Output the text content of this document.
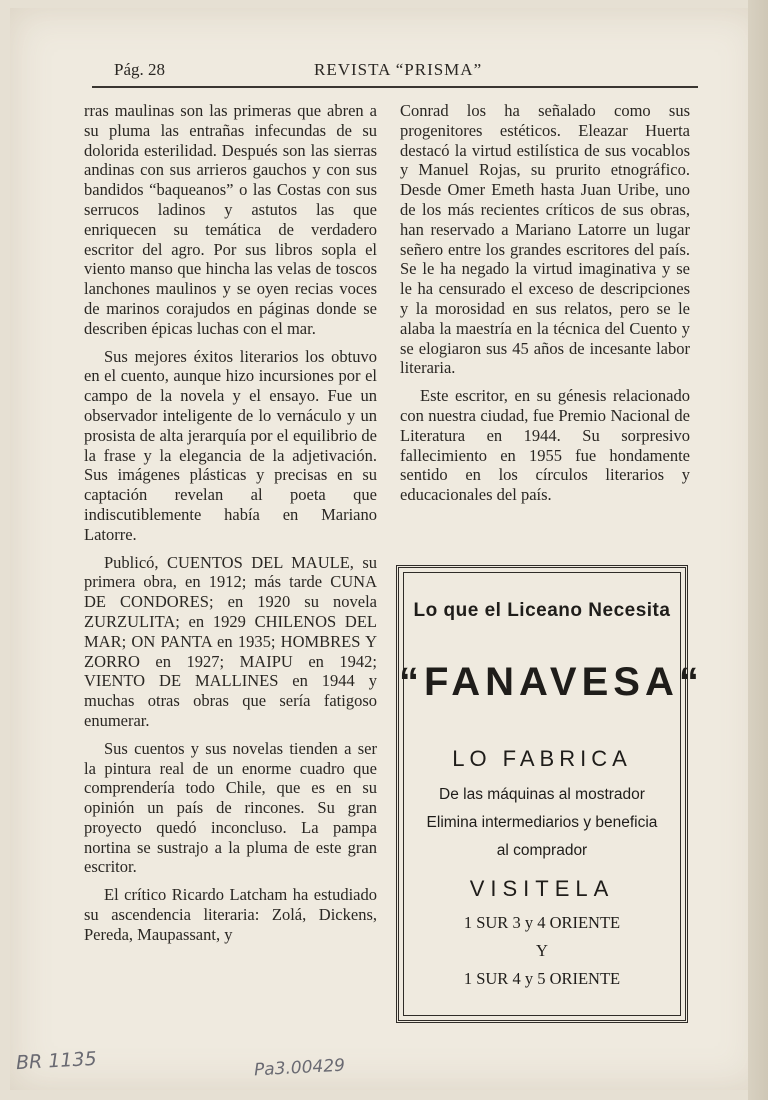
Pág. 28	REVISTA “PRISMA”

rras maulinas son las primeras que abren a su pluma las entrañas infecundas de su dolorida esterilidad. Después son las sierras andinas con sus arrieros gauchos y con sus bandidos “baqueanos” o las Costas con sus serrucos ladinos y astutos las que enriquecen su temática de verdadero escritor del agro. Por sus libros sopla el viento manso que hincha las velas de toscos lanchones maulinos y se oyen recias voces de marinos corajudos en páginas donde se describen épicas luchas con el mar.

Sus mejores éxitos literarios los obtuvo en el cuento, aunque hizo incursiones por el campo de la novela y el ensayo. Fue un observador inteligente de lo vernáculo y un prosista de alta jerarquía por el equilibrio de la frase y la elegancia de la adjetivación. Sus imágenes plásticas y precisas en su captación revelan al poeta que indiscutiblemente había en Mariano Latorre.

Publicó, CUENTOS DEL MAULE, su primera obra, en 1912; más tarde CUNA DE CONDORES; en 1920 su novela ZURZULITA; en 1929 CHILENOS DEL MAR; ON PANTA en 1935; HOMBRES Y ZORRO en 1927; MAIPU en 1942; VIENTO DE MALLINES en 1944 y muchas otras obras que sería fatigoso enumerar.

Sus cuentos y sus novelas tienden a ser la pintura real de un enorme cuadro que comprendería todo Chile, que es en su opinión un país de rincones. Su gran proyecto quedó inconcluso. La pampa nortina se sustrajo a la pluma de este gran escritor.

El crítico Ricardo Latcham ha estudiado su ascendencia literaria: Zolá, Dickens, Pereda, Maupassant, y

Conrad los ha señalado como sus progenitores estéticos. Eleazar Huerta destacó la virtud estilística de sus vocablos y Manuel Rojas, su prurito etnográfico. Desde Omer Emeth hasta Juan Uribe, uno de los más recientes críticos de sus obras, han reservado a Mariano Latorre un lugar señero entre los grandes escritores del país. Se le ha negado la virtud imaginativa y se le ha censurado el exceso de descripciones y la morosidad en sus relatos, pero se le alaba la maestría en la técnica del Cuento y se elogiaron sus 45 años de incesante labor literaria.

Este escritor, en su génesis relacionado con nuestra ciudad, fue Premio Nacional de Literatura en 1944. Su sorpresivo fallecimiento en 1955 fue hondamente sentido en los círculos literarios y educacionales del país.

Lo que el Liceano Necesita
“FANAVESA“
LO FABRICA
De las máquinas al mostrador
Elimina intermediarios y beneficia
al comprador
VISITELA
1 SUR 3 y 4 ORIENTE
Y
1 SUR 4 y 5 ORIENTE
BR 1135	Pa3.00429
